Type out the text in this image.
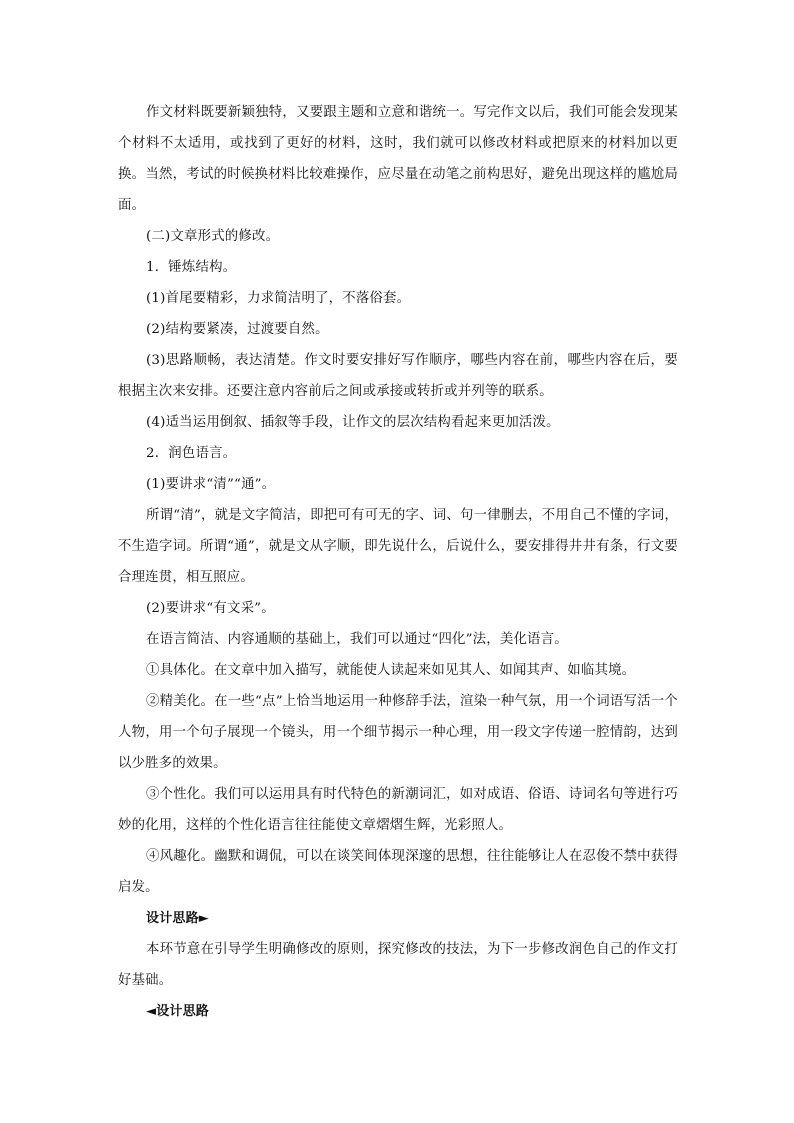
作文材料既要新颖独特，又要跟主题和立意和谐统一。写完作文以后，我们可能会发现某个材料不太适用，或找到了更好的材料，这时，我们就可以修改材料或把原来的材料加以更换。当然，考试的时候换材料比较难操作，应尽量在动笔之前构思好，避免出现这样的尴尬局面。

(二)文章形式的修改。

1．锤炼结构。

(1)首尾要精彩，力求简洁明了，不落俗套。

(2)结构要紧凑，过渡要自然。

(3)思路顺畅，表达清楚。作文时要安排好写作顺序，哪些内容在前，哪些内容在后，要根据主次来安排。还要注意内容前后之间或承接或转折或并列等的联系。

(4)适当运用倒叙、插叙等手段，让作文的层次结构看起来更加活泼。

2．润色语言。

(1)要讲求“清”“通”。

所谓“清”，就是文字简洁，即把可有可无的字、词、句一律删去，不用自己不懂的字词，不生造字词。所谓“通”，就是文从字顺，即先说什么，后说什么，要安排得井井有条，行文要合理连贯，相互照应。

(2)要讲求“有文采”。

在语言简洁、内容通顺的基础上，我们可以通过“四化”法，美化语言。

①具体化。在文章中加入描写，就能使人读起来如见其人、如闻其声、如临其境。

②精美化。在一些“点”上恰当地运用一种修辞手法，渲染一种气氛，用一个词语写活一个人物，用一个句子展现一个镜头，用一个细节揭示一种心理，用一段文字传递一腔情韵，达到以少胜多的效果。

③个性化。我们可以运用具有时代特色的新潮词汇，如对成语、俗语、诗词名句等进行巧妙的化用，这样的个性化语言往往能使文章熠熠生辉，光彩照人。

④风趣化。幽默和调侃，可以在谈笑间体现深邃的思想，往往能够让人在忍俊不禁中获得启发。

设计思路►

本环节意在引导学生明确修改的原则，探究修改的技法，为下一步修改润色自己的作文打好基础。

◄设计思路
